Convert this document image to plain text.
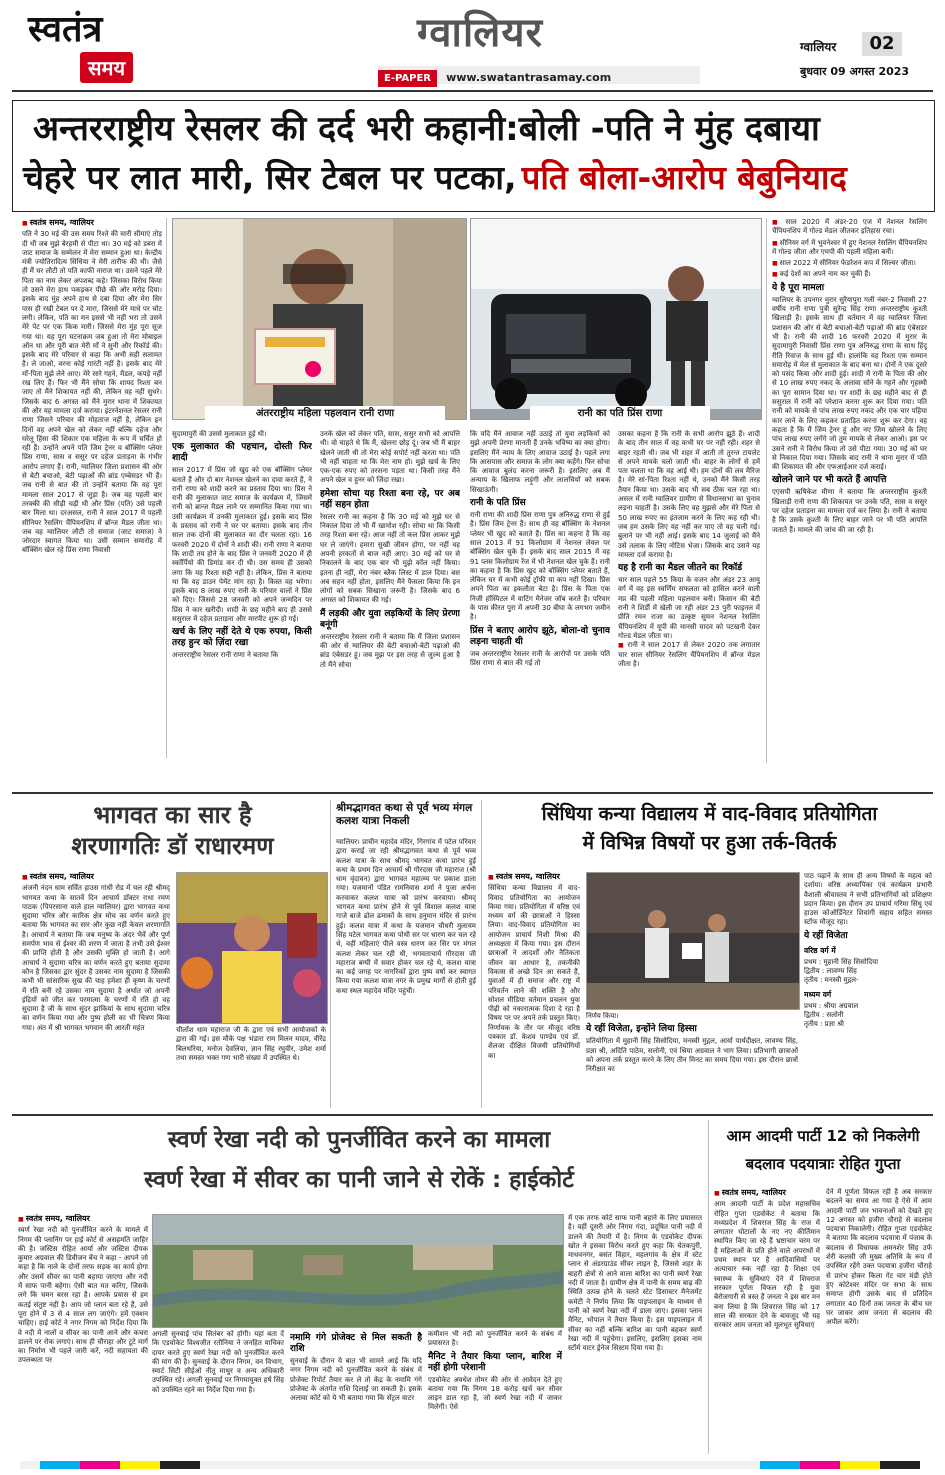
स्वतंत्र
समय
ग्वालियर
E-PAPER www.swatantrasamay.com
ग्वालियर	02
बुधवार 09 अगस्त 2023
अन्तरराष्ट्रीय रेसलर की दर्द भरी कहानी:बोली -पति ने मुंह दबाया
चेहरे पर लात मारी, सिर टेबल पर पटका, पति बोला-आरोप बेबुनियाद
■ स्वतंत्र समय, ग्वालियर
पति ने 30 मई की उस समय रिश्ते की सारी सीमाएं तोड़ दी थीं जब मुझे बेरहमी से पीटा था। 30 मई को डबरा में जाट समाज के सम्मेलन में मेरा सम्मान हुआ था। केन्द्रीय मंत्री ज्योतिरादित्य सिंधिया ने मेरी तारीफ की थी। जैसे ही मैं घर लौटी तो पति काफी नाराज था। उसने पहले मेरे पिता का नाम लेकर अपशब्द कहे। जिसका विरोध किया तो उसने मेरा हाथ पकड़कर पीछे की ओर मरोड़ दिया। इसके बाद मुंह अपने हाथ से दबा दिया और मेरा सिर पास ही रखी टेबल पर दे मारा, जिससे मेरे माथे पर चोट लगी। लेकिन, पति का मन इससे भी नहीं भरा तो उसने मेरे पेट पर एक किक मारी। जिससे मेरा मुंह पूरा सूज गया था। यह पूरा घटनाक्रम जब हुआ तो मेरा मोबाइल ऑन था और पूरी बात मेरी माँ ने सुनी और रिकॉर्ड की। इसके बाद मेरे परिवार से कहा कि अभी सही सलामत है। ले जाओ, वरना कोई गारंटी नहीं है। इसके बाद मेरे माँ-पिता मुझे लेने आए। मेरे सारे गहने, मैडल, कपड़े नहीं रख लिए हैं। फिर भी मैंने सोचा कि शायद रिश्ता बन जाए तो मैंने शिकायत नहीं की, लेकिन वह नहीं सुधरे। जिसके बाद 6 अगस्त को मैंने मुरार थाना में शिकायत की और यह मामला दर्ज कराया। इंटरनेशनल रेसलर रानी राणा जिसने परिवार की मोहताज नहीं है, लेकिन इन दिनों वह अपने खेल को लेकर नहीं बल्कि दहेज और घरेलू हिंसा की शिकार एक महिला के रूप में चर्चित हो रही हैं। उन्होंने अपने पति जिम ट्रेनर व बॉक्सिंग प्लेयर प्रिंस राणा, सास व ससुर पर दहेज प्रताड़ना के गंभीर आरोप लगाए हैं। रानी, ग्वालियर जिला प्रशासन की ओर से बेटी बचाओ, बेटी पढ़ाओं की ब्रांड एम्बेसडर भी हैं। जब रानी से बात की तो उन्होंने बताया कि वह पूरा मामला साल 2017 से जुड़ा है। जब वह पहली बार तरक्की की सीढ़ी चढ़ी थी और प्रिंस (पति) उसे पहली बार मिला था। दरअसल, रानी ने साल 2017 में पहली सीनियर रैसलिंग चैंपियनशिप में ब्रॉन्ज मैडल जीता था। जब वह ग्वालियर लौटी तो समाज (जाट समाज) ने जोरदार स्वागत किया था। उसी सम्मान समारोह में बॉक्सिंग खेल रहे प्रिंस राणा निवासी
अंतरराष्ट्रीय महिला पहलवान रानी राणा	रानी का पति प्रिंस राणा
सुदामापुरी की उससे मुलाकात हुई थी।
एक मुलाकात की पहचान, दोस्ती फिर शादी
साल 2017 में प्रिंस जो खुद को एक बॉक्सिंग प्लेयर बताते हैं और दो बार नेशनल खेलने का दावा करते हैं, ने रानी राणा को शादी करने का प्रस्ताव दिया था। प्रिंस ने रानी की मुलाकात जाट समाज के कार्यक्रम में, जिसमें रानी को ब्रान्ज मैडल लाने पर सम्मानित किया गया था। उसी कार्यक्रम में उनकी मुलाकात हुई। इसके बाद प्रिंस के प्रस्ताव को रानी ने घर पर बताया। इसके बाद तीन साल तक दोनों की मुलाकात का दौर चलता रहा। 16 फरवरी 2020 में दोनों ने शादी की। रानी राणा ने बताया कि शादी तय होने के बाद प्रिंस ने जनवरी 2020 में ही स्कॉर्पियो की डिमांड कर दी थी। उस समय ही उसको लगा कि यह रिश्ता सही नहीं है। लेकिन, प्रिंस ने बताया था कि वह डाउन पेमेंट मांग रहा है। किस्त वह भरेगा। इसके बाद 8 लाख रुपए रानी के परिवार वालों ने प्रिंस को दिए। जिससे 28 जनवरी को अपने जन्मदिन पर प्रिंस ने कार खरीदी। शादी के छह महीने बाद ही उससे ससुराल में दहेज प्रताड़ना और मारपीट शुरू हो गई।
खर्च के लिए नहीं देते थे एक रुपया, किसी तरह हुन्‍र को ज़िंदा रखा
अन्तरराष्ट्रीय रेसलर रानी राणा ने बताया कि
उनके खेल को लेकर पति, सास, ससुर सभी को आपत्ति थी। वो चाहते थे कि मैं, खेलना छोड़ दूं। जब भी मैं बाहर खेलने जाती थी तो मेरा कोई सपोर्ट नहीं करता था। पति भी नहीं चाहता था कि मेरा नाम हो। मुझे खर्च के लिए एक-एक रुपए को तरसना पड़ता था। किसी तरह मैंने अपने खेल व हुनर को जिंदा रखा।
हमेशा सोचा यह रिश्ता बना रहे, पर अब नहीं सहन होता
रेसलर रानी का कहना है कि 30 मई को मुझे घर से निकाल दिया तो भी मैं खामोश रही। सोचा था कि किसी तरह रिश्ता बना रहे। आज नहीं तो कल प्रिंस आकर मुझे घर ले जाएंगे। हमारा सुखी जीवन होगा, पर नहीं वह अपनी हरकतों से बाज नहीं आए। 30 मई को घर से निकालने के बाद एक बार भी मुझे कॉल नहीं किया। इतना ही नहीं, मेरा नंबर ब्लैक लिस्ट में डाल दिया। बस अब सहन नहीं होता, इसलिए मैंने फैसला किया कि इन लोगों को सबक सिखाना जरूरी है। जिसके बाद 6 अगस्त को शिकायत की गई।
मैं लड़की और युवा लड़कियों के लिए प्रेरणा बनूंगी
अन्तरराष्ट्रीय रेसलर रानी ने बताया कि मैं जिला प्रशासन की ओर से ग्वालियर की बेटी बचाओ-बेटी पढ़ाओ की ब्रांड एंबेसडर हूं। जब मुझ पर इस तरह से जुल्म हुआ है तो मैंने सोचा
कि यदि मैंने आवाज नहीं उठाई तो युवा लड़कियों को मुझे अपनी प्रेरणा मानती हैं उनके भविष्य का क्या होगा। इसलिए मैंने न्याय के लिए आवाज उठाई है। पहले लगा कि आसपास और समाज के लोग क्या कहेंगे। फिर सोचा कि आवाज बुलंद करना जरूरी है। इसलिए अब मैं अन्याय के खिलाफ लड़ूंगी और लालचियों को सबक सिखाऊंगी।
रानी के पति प्रिंस
रानी राणा की शादी प्रिंस राणा पुत्र अनिरुद्ध राणा से हुई है। प्रिंस जिम ट्रेनर हैं। साथ ही वह बॉक्सिंग के नेशनल प्लेयर भी खुद को बताते हैं। प्रिंस का कहना है कि वह साल 2013 में 91 किलोग्राम में नेशनल लेवल पर बॉक्सिंग खेल चुके हैं। इसके बाद साल 2015 में वह 91 प्लस किलोग्राम रेंज में भी नेशनल खेल चुके हैं। रानी का कहना है कि प्रिंस खुद को बॉक्सिंग प्लेयर बताते हैं, लेकिन घर में कभी कोई ट्रॉफी या कप नहीं दिखा। प्रिंस अपने पिता का इकलौता बेटा है। प्रिंस के पिता एक निजी हॉस्पिटल में वाटिंग मैनेजर जॉब करते हैं। परिवार के पास कीरत पुरा में अपनी 30 बीघा के लगभग जमीन है।
प्रिंस ने बताए आरोप झूठे, बोला-वो चुनाव लड़ना चाहती थी
जब अन्तरराष्ट्रीय रेसलर रानी के आरोपों पर उसके पति प्रिंस राणा से बात की गई तो
उसका कहना है कि रानी के सभी आरोप झूठे हैं। शादी के बाद तीन साल में वह कभी घर पर नहीं रही। शहर से बाहर रहती थी। जब भी शहर में आती तो तुरन्त टायलेट से अपने मायके चलो जाती थी। बाहर के लोगों से हमें पता चलता था कि वह आई थी। हम दोनों की लव मैरिज है। मेरे सां-पिता रिश्ता नहीं थे, उनको मैंने किसी तरह तैयार किया था। उसके बाद भी सब ठीक चल रहा था। असल में रानी ग्वालियर ग्रामीण से विधानसभा का चुनाव लड़ना चाहती है। उसके लिए वह मुझसे और मेरे पिता से 50 लाख रुपए का इंतजाम करने के लिए कह रही थी। जब हम उसके लिए यह नहीं कर पाए तो वह चली गई। बुलाने पर भी नहीं आई। इसके बाद 14 जुलाई को मैंने उसे तलाक के लिए नोटिस भेजा। जिसके बाद उसने यह मामला दर्ज कराया है।
यह है रानी का मैडल जीतने का रिकॉर्ड
चार साल पहले 55 किग्रा के वजन और अंडर 23 आयु वर्ग में वह इस स्वर्णिम सफलता को हासिल करने वाली मप्र की पहली महिला पहलवान बनी। किसान की बेटी रानी ने शिर्डी में खेली जा रही अंडर 23 पुरी फाइनल में प्रीति रमन राजा का उत्कृष्ट सुमन नेशनल रेसलिंग चैंपियनशिप में यूपी की मानसी यादव को पटखनी देकर गोल्ड मेडल जीता था।
■ रानी ने साल 2017 से लेकर 2020 तक लगातार चार साल सीनियर रेसलिंग चैंपियनशिप में ब्रॉन्ज मेडल जीता है।
■ साल 2020 में अंडर-20 एज में नेशनल रेसलिंग चैंपियनशिप में गोल्ड मेडल जीतकर इतिहास रचा।
■ सीनियर वर्ग में भुवनेश्वर में हुए नेशनल रेसलिंग चैंपियनशिप में गोल्ड जीता और एमपी की पहली महिला बनीं।
■ साल 2022 में सीनियर फेडरेशन कप में सिल्वर जीता।
■ कई देशों का अपने नाम कर चुकी हैं।
ये है पूरा मामला
ग्वालियर के उपनगर मुरार सुरैयापुरा गली नंबर-2 निवासी 27 वर्षीय रानी राणा पुत्री सुरेन्द्र सिंह राणा अन्तरराष्ट्रीय कुश्ती खिलाड़ी है। इसके साथ ही वर्तमान में वह ग्वालियर जिला प्रशासन की ओर से बेटी बचाओ-बेटी पढ़ाओ की ब्रांड एंबेसडर भी है। रानी की शादी 16 फरवरी 2020 में मुरार के सुदामापुरी निवासी प्रिंस राणा पुत्र अनिरुद्ध राणा के साथ हिंदू रीति रिवाज के साथ हुई थी। हालांकि यह रिश्ता एक सम्मान समारोह में मेल से मुलाकात के बाद बना था। दोनों ने एक दूसरे को पसंद किया और शादी हुई। शादी में रानी के पिता की ओर से 10 लाख रुपए नकद के अलावा सोने के गहने और गृहस्थी का पूरा सामान दिया था। पर शादी के छह महीने बाद से ही ससुराल में रानी को परेशान करना शुरू कर दिया गया। पति रानी को मायके से पांच लाख रुपए नकद और एक चार पहिया कार लाने के लिए कहकर प्रताड़ित करना शुरू कर देगा। वह कहता है कि मैं जिम ट्रेनर हूं और नए जिम खोलने के लिए पांच लाख रुपए लगेंगे जो तुम मायके से लेकर आओ। इस पर उसने रानी ने विरोध किया तो उसे पीटा गया। 30 मई को घर से निकाल दिया गया। जिसके बाद रानी ने थाना मुरार में पति की शिकायत की और एफआईआर दर्ज कराई।
खोलने जाने पर भी करते हैं आपत्ति
एएसपी ऋषिकेश मीणा ने बताया कि अन्तरराष्ट्रीय कुश्ती खिलाड़ी रानी राणा की शिकायत पर उनके पति, सास व ससुर पर दहेज प्रताड़ना का मामला दर्ज कर लिया है। रानी ने बताया है कि उसके कुश्ती के लिए बाहर जाने पर भी पति आपत्ति जताते हैं। मामले की जांच की जा रही है।
भागवत का सार है
शरणागतिः डॉ राधारमण
■ स्वतंत्र समय, ग्वालियर
अंजनी नंदन धाम सर्वित हाउस गांधी रोड में चल रही श्रीमद् भागवत कथा के सातवें दिन आचार्य डॉक्टर राधा रमण पाठक (पिपरसाना वाले हाल ग्वालियर) द्वारा भागवत कथा सुदामा चरित्र और कारिक क्षेत्र मोच का वर्णन करते हुए बताया कि भागवत का सार और कुछ नहीं केवल शरणागति है। आचार्य ने बताया कि जब मनुष्य के अंदर भैवें और पूर्ण समर्पण भाव से ईश्वर की शरण में जाता है तभी उसे ईश्वर की प्राप्ति होती है और उसकी मुक्ति हो जाती है। आगे आचार्य ने सुदामा चरित्र का वर्णन करते हुए बताया सुदामा कौन है जिसका द्वार सुंदर है उसका नाम सुदामा है जिसकी कभी भी सांसारिक सुख की चाह हमेशा ही कृष्ण के चरणों में रति बनी रहे उसका नाम सुदामा है अर्थात जो अपनी इंद्रियों को जीत कर परमात्मा के चरणों में रति हो वह सुदामा है जी के साथ सुंदर झांकियां के साथ सुदामा चरित्र का वर्णन किया गया और पुष्प होली का भी चित्रण किया गया। अंत में श्री भागवत भगवान की आरती महंत	चीलोंश धाम महाराज जी के द्वारा एवं सभी आयोजकों के द्वारा की गई। इस मौके पक्ष भंडारा राम मिलन यादव, वीरेंद्र बिलथरिया, मनोज देवलिया, ज्ञान सिंह रघुवीर, उमेश शर्मा तथा समस्त भक्त गण भारी संख्या में उपस्थित थे।
श्रीमद्भागवत कथा से पूर्व भव्य मंगल कलश यात्रा निकली
ग्वालियर। प्राचीन महादेव मंदिर, गिरगांव में पटेल परिवार द्वारा कराई जा रही श्रीमद्भागवत कथा से पूर्व भव्य कलश यात्रा के साथ श्रीमद् भागवत कथा प्रारंभ हुई कथा के प्रथम दिन आचार्य श्री गौरदास जी महाराज (श्री धाम वृंदावन) द्वारा भागवत महात्म्य पर प्रकाश डाला गया। यजमानों पंडित रामनिवास शर्मा ने पूजा अर्चना करवाकर कलश यात्रा को प्रारंभ करवाया। श्रीमद् भागवत कथा प्रारंभ होने से पूर्व विशाल कलश यात्रा गाजे बाजे ढोल ढमाकों के साथ हनुमान मंदिर से प्रारंभ हुई। कलश यात्रा में कथा के यजमान चौधरी मुलायम सिंह पटेल भागवत कथा पोथी सर पर धारण कर चल रहे थे, वहीं महिलाएं पीले वस्त्र धारण कर सिर पर मंगल कलश लेकर चल रही थी, भगवताचार्य गौरदास जी महाराज बग्घी में सवार होकर चल रहे थे, कलश यात्रा का कई जगह पर नागरिकों द्वारा पुष्प वर्षा कर स्वागत किया गया कलश यात्रा नगर के प्रमुख मार्गों से होती हुई कथा स्थल महादेव मंदिर पहुंची।
सिंधिया कन्या विद्यालय में वाद-विवाद प्रतियोगिता
में विभिन्न विषयों पर हुआ तर्क-वितर्क
■ स्वतंत्र समय, ग्वालियर
सिंधिया कन्या विद्यालय में वाद-विवाद प्रतियोगिता का आयोजन किया गया। प्रतियोगिता में वरिष्ठ एवं मध्यम वर्ग की छात्राओं ने हिस्सा लिया। वाद-विवाद प्रतियोगिता का आयोजन प्राचार्य निशी मिश्रा की अध्यक्षता में किया गया। इस दौरान छात्राओं ने आदर्शों और नैतिकता जीवन का आधार है, तकनीकी विकास से अच्छे दिन आ सकते हैं, युवाओं में ही समाज और राष्ट्र में परिवर्तन लाने की शक्ति है और सोशल मीडिया वर्तमान प्रचलन युवा पीढ़ी को नकारात्मक दिशा दे रहा है विषय पर पर अपने तर्क प्रस्तुत किए। निर्णायक के तौर पर मौजूद वरिष्ठ पत्रकार डॉ. केशव पाण्डेय एवं डॉ. शैलजा दीक्षित विजयी प्रतियोगियों का
निर्णय किया।
ये रहीं विजेता, इन्होंने लिया हिस्सा
प्रतियोगिता में मुहानी सिंह सिसोदिया, मनस्वी मुद्गल, आर्या पार्थदीक्षत, लावण्य सिंह, प्रज्ञा श्री, अदिति पाठेय, सलोनी, एवं श्रिया अग्रवाल ने भाग लिया। प्रतिभागी छात्राओं को अपना तर्क प्रस्तुत करने के लिए तीन मिनट का समय दिया गया। इस दौरान छात्रों निरीक्षत का
पाठ पढ़ाने के साथ ही अन्य विषयों के महत्व को दर्शाया। वरिष्ठ अध्यापिका एवं कार्यक्रम प्रभारी वैशाली श्रीवास्तव ने सभी प्रतिभागियों को प्रशिक्षण प्रदान किया। इस दौरान उप प्राचार्य गरिमा सिंधु एवं हाउस कोऑर्डिनेटर शिवांगी सहाय सहित समस्त स्टॉफ मौजूद रहा।
ये रहीं विजेता
वरिष्ठ वर्ग में
प्रथम : मुहानी सिंह सिसोदिया
द्वितीय : लावण्य सिंह
तृतीय : मनस्वी मुद्गल-
मध्यम वर्ग
प्रथम : श्रीया अग्रवाल
द्वितीय : सलोनी
तृतीय : प्रज्ञा श्री
स्वर्ण रेखा नदी को पुनर्जीवित करने का मामला
स्वर्ण रेखा में सीवर का पानी जाने से रोकें : हाईकोर्ट
■ स्वतंत्र समय, ग्वालियर
स्वर्ण रेखा नदी को पुनर्जीवित करने के मामले में निगम की प्लानिंग पर हाई कोर्ट से असहमति जाहिर की है। जस्टिस रोहित आर्या और जस्टिस दीपक कुमार अग्रवाल की डिवीजन बेंच ने कहा - आपने जो कहा है कि नाले के दोनों तरफ सड़क का कार्य होगा और उसमें सीवर का पानी बहाया जाएगा और नदी में साफ पानी बहेगा। ऐसी बात मत करिए, जिसके लगे कि चमन बरस रहा है। आपके प्रयास से हम कतई संतुष्ट नहीं है। आप जो प्लान बता रहे हैं, उसे पूरा होने में 3 से 4 साल लग जाएंगे। हमें एक्शन चाहिए। हाई कोर्ट ने नगर निगम को निर्देश दिया कि वे नदी में नालों व सीवर का पानी आने और कचरा डालने पर रोक लगाएं। साथ ही चौराहा और टूटे मार्ग का निर्माण भी पहले जारी करें, नदी सहायता की उपलब्धता पर
अगली सुनवाई पांच सितंबर को होगी। यहां बता दें कि एडवोकेट विश्वजीत रतौनिया ने जनहित याचिका दायर करते हुए स्वर्ण रेखा नदी को पुनर्जीवित करने की मांग की है। सुनवाई के दौरान निगम, वन विभाग, स्मार्ट सिटी सीईओ नीतू माथुर व अन्य अधिकारी उपस्थित रहे। अगली सुनवाई पर निगमायुक्त हर्ष सिंह को उपस्थित रहने का निर्देश दिया गया है।
नमामि गंगे प्रोजेक्ट से मिल सकती है राशि
सुनवाई के दौरान ये बात भी सामने आई कि यदि नगर निगम नदी को पुनर्जीवित करने के संबंध में प्रोजेक्ट रिपोर्ट तैयार कर ले तो केंद्र के नमामि गंगे प्रोजेक्ट के अंतर्गत राशि दिलाई जा सकती है। इसके अलावा कोर्ट को ये भी बताया गया कि सेंट्रल वाटर
कमीशन भी नदी को पुनर्जीवित करने के संबंध में प्रयासरत है।
मैनिट ने तैयार किया प्लान, बारिश में नहीं होगी परेशानी
एडवोकेट अवधेश तोमर की ओर से आवेदन देते हुए बताया गया कि निगम 18 करोड़ खर्च कर सीवर लाइन डाल रहा है, जो स्वर्ण रेखा नदी में जाकर मिलेगी। ऐसे
में एक तरफ कोर्ट साफ पानी बहाने के लिए प्रयासरत है। वहीं दूसरी ओर निगम गंदा, प्रदूषित पानी नदी में डालने की तैयारी में है। निगम के एडवोकेट दीपक खोत ने इसका विरोध करते हुए कहा कि चेतकपुरी, माधवनगर, बसंत विहार, महलगांव के क्षेत्र में स्टेट प्लान से अंडरग्राउंड सीवर लाइन है, जिससे शहर के बाहरी क्षेत्रों से आने वाला बारिश का पानी स्वर्ण रेखा नदी में जाता है। ग्रामीण क्षेत्र में पानी के समय बाढ़ की स्थिति उत्पन्न होने के चलते स्टेट डिसास्टर मैनेजमेंट कमेटी ने निर्णय लिया कि पाइपलाइन के माध्यम से पानी को स्वर्ण रेखा नदी में डाला जाए। इसका प्लान मैनिट, भोपाल ने तैयार किया है। इस पाइपलाइन में सीवर का नहीं बल्कि बारिश का पानी बहकर स्वर्ण रेखा नदी में पहुंचेगा। इसलिए, इसलिए इसका नाम स्टॉर्म वाटर ड्रेनेज सिस्टम दिया गया है।
आम आदमी पार्टी 12 को निकलेगी
बदलाव पदयात्राः रोहित गुप्ता
■ स्वतंत्र समय, ग्वालियर
आम आदमी पार्टी के प्रदेश महासचिव रोहित गुप्ता एडवोकेट ने बताया कि मध्यप्रदेश में शिवराज सिंह के राज में लगातार घोटालों के नए नए कीर्तिमान स्थापित किए जा रहे हैं भ्रष्टाचार चरम पर है महिलाओं के प्रति होने वाले अपराधों में प्रथम स्थान पर है आदिवासियों पर अत्याचार रुक नहीं रहा है शिक्षा एवं स्वास्थ्य के सुविधाएं देने में शिवराज सरकार पूर्णतः विफल रही है युवा बेरोजगारी से त्रस्त हैं जनता ने इस बार मन बना लिया है कि शिवराज सिंह को 17 साल की सरकार देने के बावजूद भी यह सरकार आम जनता को मूलभूत सुविधाएं
देने में पूर्णता विफल रही है अब सरकार बदलने का समय आ गया है ऐसे में आम आदमी पार्टी जन भावनाओं को देखते हुए 12 अगस्त को हजीरा चौराहे से बदलाव पदयात्रा निकालेगी। रोहित गुप्ता एडवोकेट ने बताया कि बदलाव पदयात्रा में पंजाब के बदलाव से विधायक अमनशेर सिंह उर्फ शेरी कलसी जी मुख्य अतिथि के रूप में उपस्थित रहेंगे उक्त पदयात्रा हजीरा चौराहे से प्रारंभ होकर किला गेट चार मंडी होते हुए कोटेश्वर मंदिर पर सभा के साथ समाप्त होगी उसके बाद से प्रतिदिन लगातार 40 दिनों तक जनता के बीच घर घर जाकर आम जनता से बदलाव की अपील करेंगे।
